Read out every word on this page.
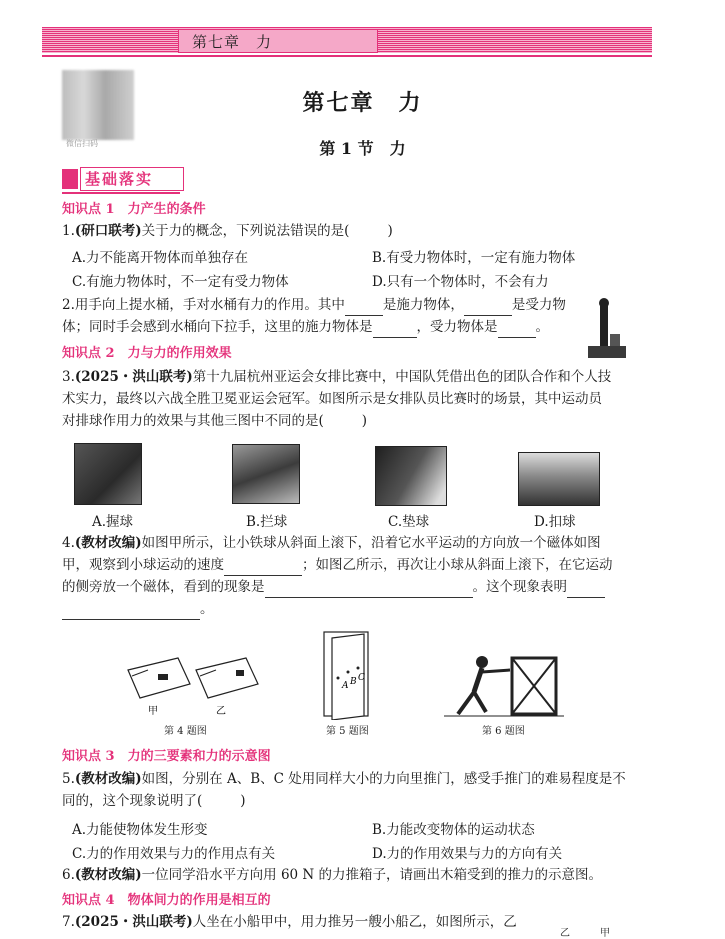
第七章　力
微信扫码
第七章　力
第 1 节　力
基础落实
知识点 1　力产生的条件
1.(研口联考)关于力的概念，下列说法错误的是(	)
A.力不能离开物体而单独存在	B.有受力物体时，一定有施力物体
C.有施力物体时，不一定有受力物体	D.只有一个物体时，不会有力
2.用手向上提水桶，手对水桶有力的作用。其中	是施力物体，	是受力物
体；同时手会感到水桶向下拉手，这里的施力物体是	，受力物体是	。
知识点 2　力与力的作用效果
3.(2025・洪山联考)第十九届杭州亚运会女排比赛中，中国队凭借出色的团队合作和个人技
术实力，最终以六战全胜卫冕亚运会冠军。如图所示是女排队员比赛时的场景，其中运动员
对排球作用力的效果与其他三图中不同的是(	)
A.握球	B.拦球	C.垫球	D.扣球
4.(教材改编)如图甲所示，让小铁球从斜面上滚下，沿着它水平运动的方向放一个磁体如图
甲，观察到小球运动的速度	；如图乙所示，再次让小球从斜面上滚下，在它运动
的侧旁放一个磁体，看到的现象是	。这个现象表明
。
甲	乙
第 4 题图
A B C
第 5 题图	第 6 题图
知识点 3　力的三要素和力的示意图
5.(教材改编)如图，分别在 A、B、C 处用同样大小的力向里推门，感受手推门的难易程度是不
同的，这个现象说明了(	)
A.力能使物体发生形变	B.力能改变物体的运动状态
C.力的作用效果与力的作用点有关	D.力的作用效果与力的方向有关
6.(教材改编)一位同学沿水平方向用 60 N 的力推箱子，请画出木箱受到的推力的示意图。
知识点 4　物体间力的作用是相互的
7.(2025・洪山联考)人坐在小船甲中，用力推另一艘小船乙，如图所示，乙
乙	甲
